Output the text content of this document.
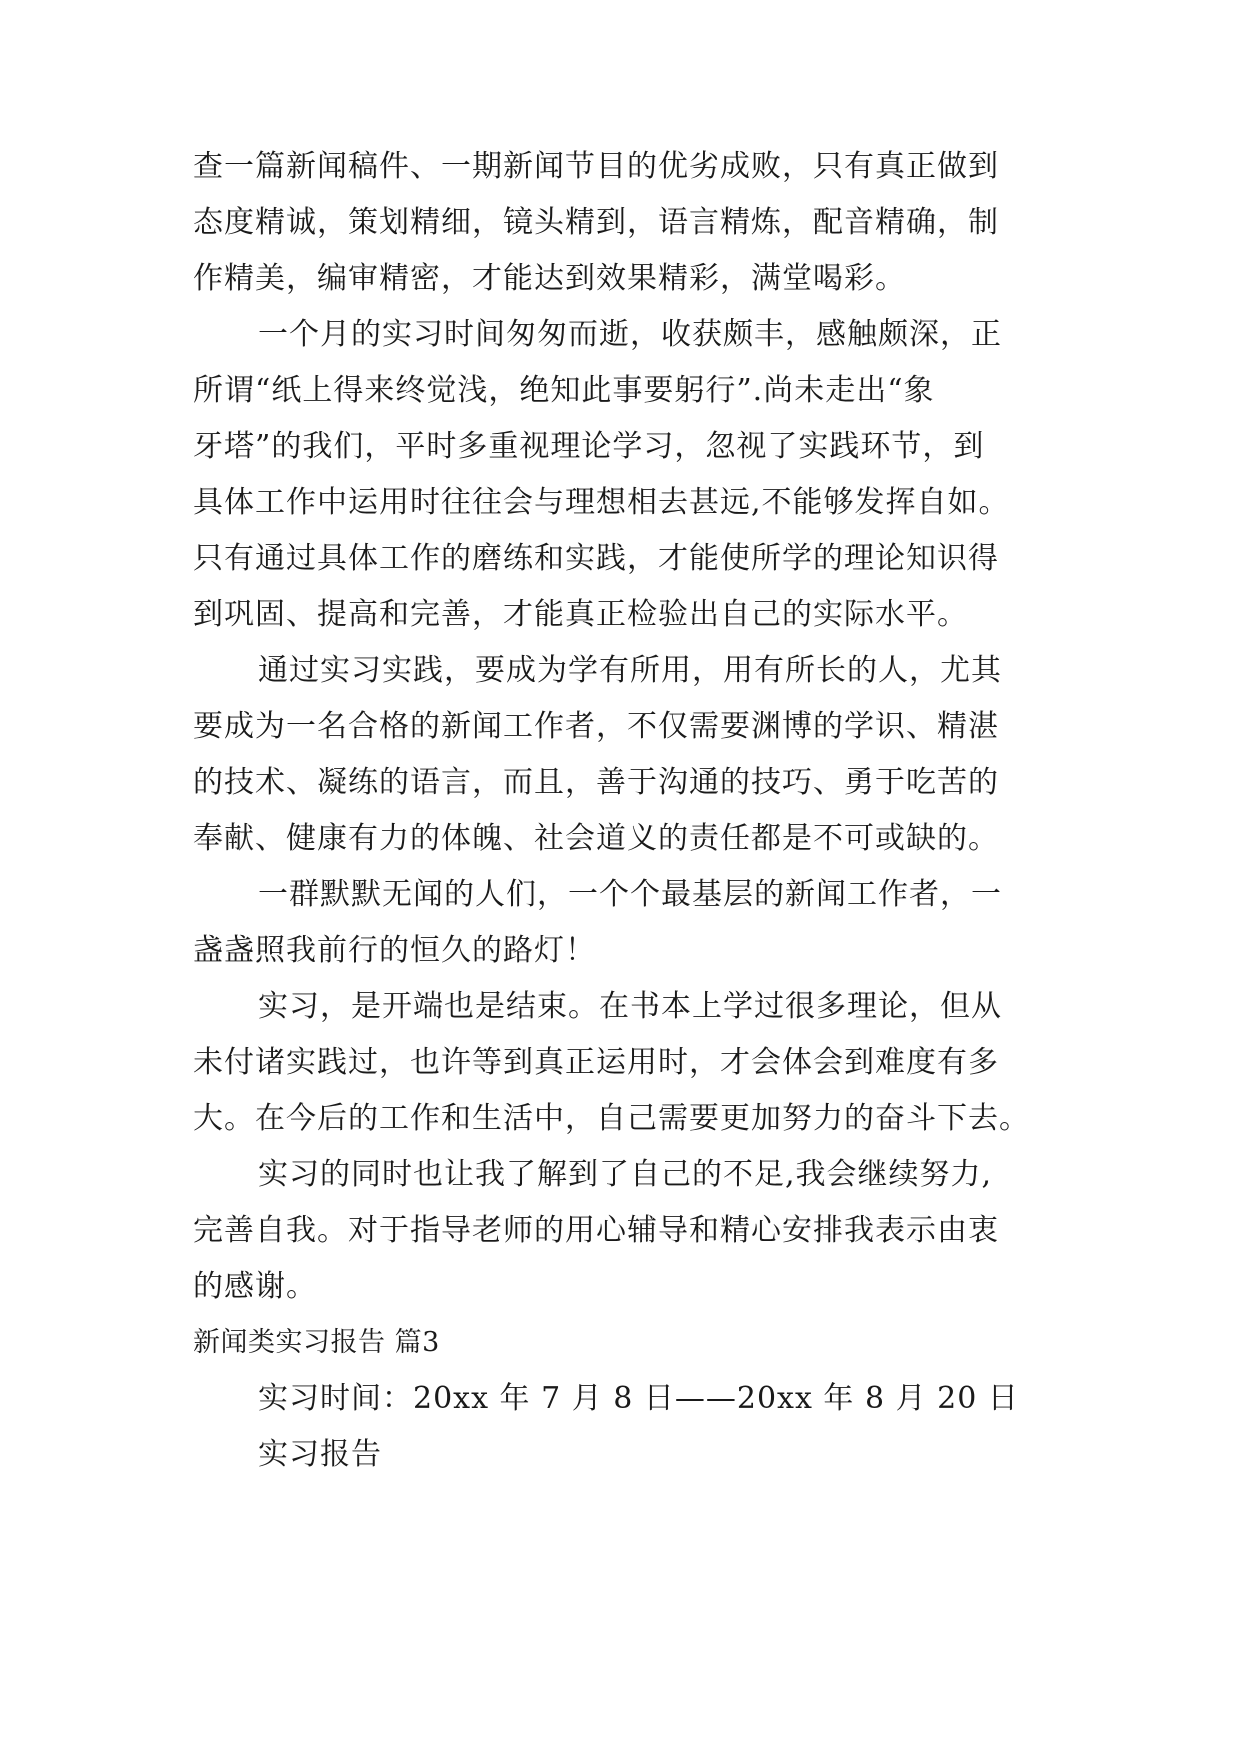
查一篇新闻稿件、一期新闻节目的优劣成败，只有真正做到
态度精诚，策划精细，镜头精到，语言精炼，配音精确，制
作精美，编审精密，才能达到效果精彩，满堂喝彩。
一个月的实习时间匆匆而逝，收获颇丰，感触颇深，正
所谓“纸上得来终觉浅，绝知此事要躬行”.尚未走出“象
牙塔”的我们，平时多重视理论学习，忽视了实践环节，到
具体工作中运用时往往会与理想相去甚远,不能够发挥自如。
只有通过具体工作的磨练和实践，才能使所学的理论知识得
到巩固、提高和完善，才能真正检验出自己的实际水平。
通过实习实践，要成为学有所用，用有所长的人，尤其
要成为一名合格的新闻工作者，不仅需要渊博的学识、精湛
的技术、凝练的语言，而且，善于沟通的技巧、勇于吃苦的
奉献、健康有力的体魄、社会道义的责任都是不可或缺的。
一群默默无闻的人们，一个个最基层的新闻工作者，一
盏盏照我前行的恒久的路灯！
实习，是开端也是结束。在书本上学过很多理论，但从
未付诸实践过，也许等到真正运用时，才会体会到难度有多
大。在今后的工作和生活中，自己需要更加努力的奋斗下去。
实习的同时也让我了解到了自己的不足,我会继续努力,
完善自我。对于指导老师的用心辅导和精心安排我表示由衷
的感谢。
新闻类实习报告 篇3
实习时间：20xx 年 7 月 8 日——20xx 年 8 月 20 日
实习报告
